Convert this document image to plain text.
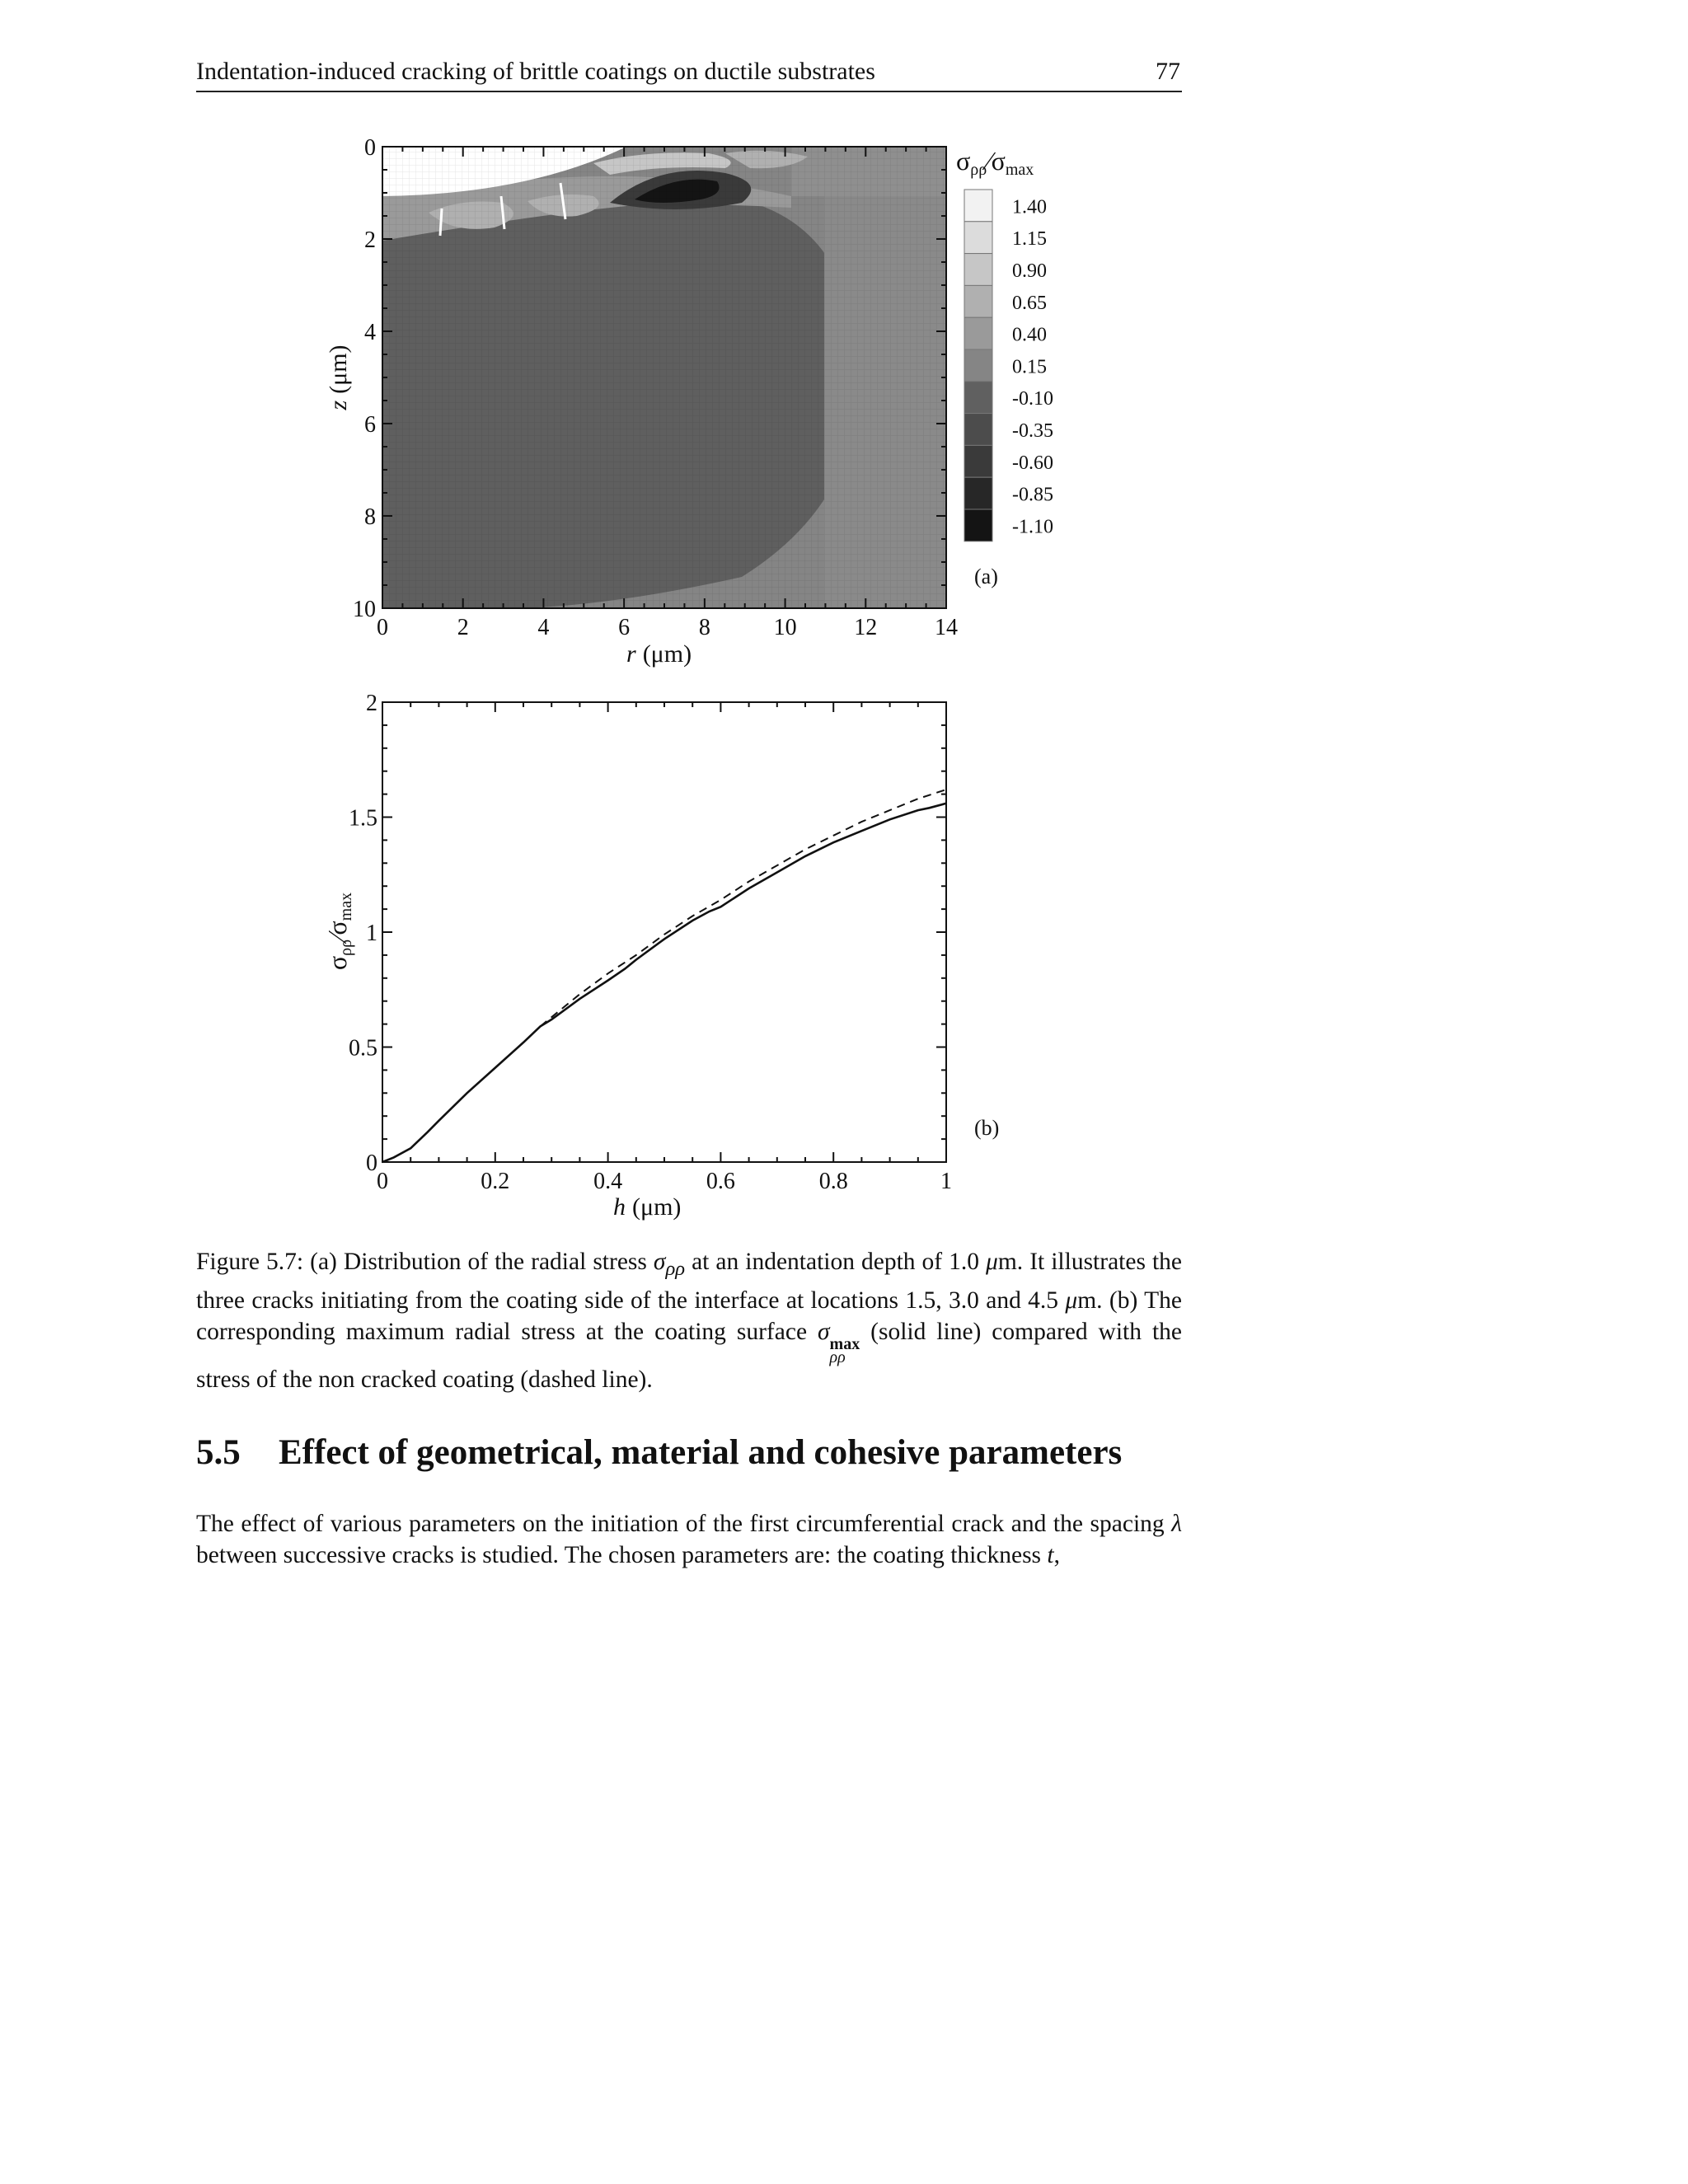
Indentation-induced cracking of brittle coatings on ductile substrates	77
0	2	4	6	8	10 12 14
0
2
4
6
8
10
r (μm)
z(μm)
σρρ⁄σmax
1.40
1.15
0.90
0.65
0.40
0.15
-0.10
-0.35
-0.60
-0.85
-1.10
(a)
0	0.2	0.4	0.6	0.8	1
0
0.5
1
1.5
2
h (μm)
σρρ⁄σmax
(b)
Figure 5.7: (a) Distribution of the radial stress $\sigma_{\rho\rho}$ at an indentation depth of 1.0 μm. It illustrates the three cracks initiating from the coating side of the interface at locations 1.5, 3.0 and 4.5 μm. (b) The corresponding maximum radial stress at the coating surface σ max
ρρ
(solid line) compared with the stress of the non cracked coating (dashed line).
5.5 Effect of geometrical, material and cohesive parameters
The effect of various parameters on the initiation of the first circumferential crack and the spacing λ between successive cracks is studied. The chosen parameters are: the coating thickness t,
